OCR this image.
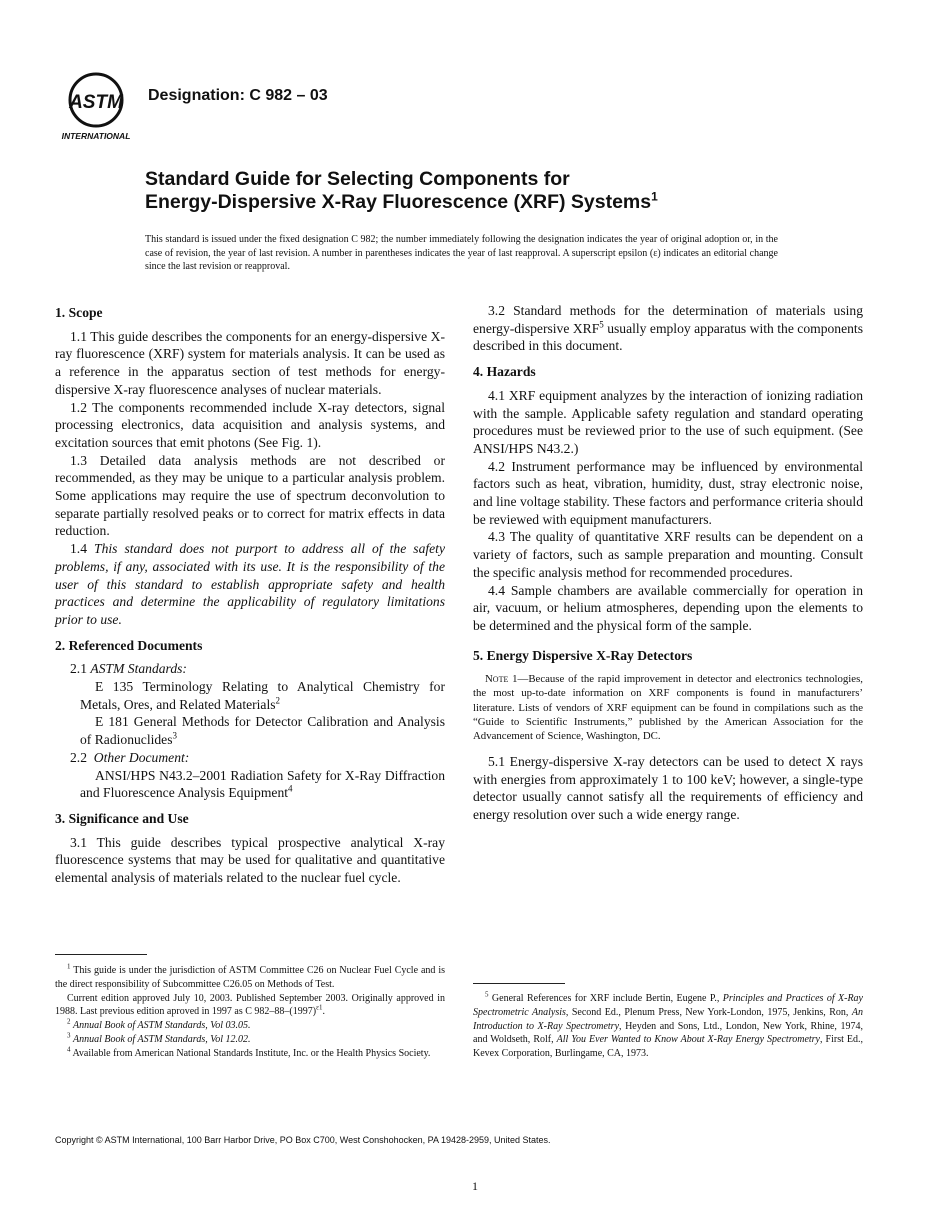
ASTM
INTERNATIONAL
Designation: C 982 – 03
Standard Guide for Selecting Components for
Energy-Dispersive X-Ray Fluorescence (XRF) Systems$^1$
This standard is issued under the fixed designation C 982; the number immediately following the designation indicates the year of original adoption or, in the case of revision, the year of last revision. A number in parentheses indicates the year of last reapproval. A superscript epsilon (ε) indicates an editorial change since the last revision or reapproval.
1. Scope

1.1 This guide describes the components for an energy-dispersive X-ray fluorescence (XRF) system for materials analysis. It can be used as a reference in the apparatus section of test methods for energy-dispersive X-ray fluorescence analyses of nuclear materials.

1.2 The components recommended include X-ray detectors, signal processing electronics, data acquisition and analysis systems, and excitation sources that emit photons (See Fig. 1).

1.3 Detailed data analysis methods are not described or recommended, as they may be unique to a particular analysis problem. Some applications may require the use of spectrum deconvolution to separate partially resolved peaks or to correct for matrix effects in data reduction.

1.4 This standard does not purport to address all of the safety problems, if any, associated with its use. It is the responsibility of the user of this standard to establish appropriate safety and health practices and determine the applicability of regulatory limitations prior to use.

2. Referenced Documents
2.1 ASTM Standards:

E 135 Terminology Relating to Analytical Chemistry for Metals, Ores, and Related Materials$^2$

E 181 General Methods for Detector Calibration and Analysis of Radionuclides$^3$

2.2 Other Document:

ANSI/HPS N43.2–2001 Radiation Safety for X-Ray Diffraction and Fluorescence Analysis Equipment$^4$

3. Significance and Use

3.1 This guide describes typical prospective analytical X-ray fluorescence systems that may be used for qualitative and quantitative elemental analysis of materials related to the nuclear fuel cycle.

3.2 Standard methods for the determination of materials using energy-dispersive XRF$^5$ usually employ apparatus with the components described in this document.

4. Hazards

4.1 XRF equipment analyzes by the interaction of ionizing radiation with the sample. Applicable safety regulation and standard operating procedures must be reviewed prior to the use of such equipment. (See ANSI/HPS N43.2.)

4.2 Instrument performance may be influenced by environmental factors such as heat, vibration, humidity, dust, stray electronic noise, and line voltage stability. These factors and performance criteria should be reviewed with equipment manufacturers.

4.3 The quality of quantitative XRF results can be dependent on a variety of factors, such as sample preparation and mounting. Consult the specific analysis method for recommended procedures.

4.4 Sample chambers are available commercially for operation in air, vacuum, or helium atmospheres, depending upon the elements to be determined and the physical form of the sample.

5. Energy Dispersive X-Ray Detectors
Note 1—Because of the rapid improvement in detector and electronics technologies, the most up-to-date information on XRF components is found in manufacturers’ literature. Lists of vendors of XRF equipment can be found in compilations such as the “Guide to Scientific Instruments,” published by the American Association for the Advancement of Science, Washington, DC.

5.1 Energy-dispersive X-ray detectors can be used to detect X rays with energies from approximately 1 to 100 keV; however, a single-type detector usually cannot satisfy all the requirements of efficiency and energy resolution over such a wide energy range.

$^1$ This guide is under the jurisdiction of ASTM Committee C26 on Nuclear Fuel Cycle and is the direct responsibility of Subcommittee C26.05 on Methods of Test.

Current edition approved July 10, 2003. Published September 2003. Originally approved in 1988. Last previous edition aproved in 1997 as C $982-88-(1997)^{\varepsilon 1}$.

$^2$ Annual Book of ASTM Standards, Vol 03.05.

$^3$ Annual Book of ASTM Standards, Vol 12.02.

$^4$ Available from American National Standards Institute, Inc. or the Health Physics Society.

$^5$ General References for XRF include Bertin, Eugene P., Principles and Practices of X-Ray Spectrometric Analysis, Second Ed., Plenum Press, New York-London, 1975, Jenkins, Ron, An Introduction to X-Ray Spectrometry, Heyden and Sons, Ltd., London, New York, Rhine, 1974, and Woldseth, Rolf, All You Ever Wanted to Know About X-Ray Energy Spectrometry, First Ed., Kevex Corporation, Burlingame, CA, 1973.

Copyright © ASTM International, 100 Barr Harbor Drive, PO Box C700, West Conshohocken, PA 19428-2959, United States.
1
